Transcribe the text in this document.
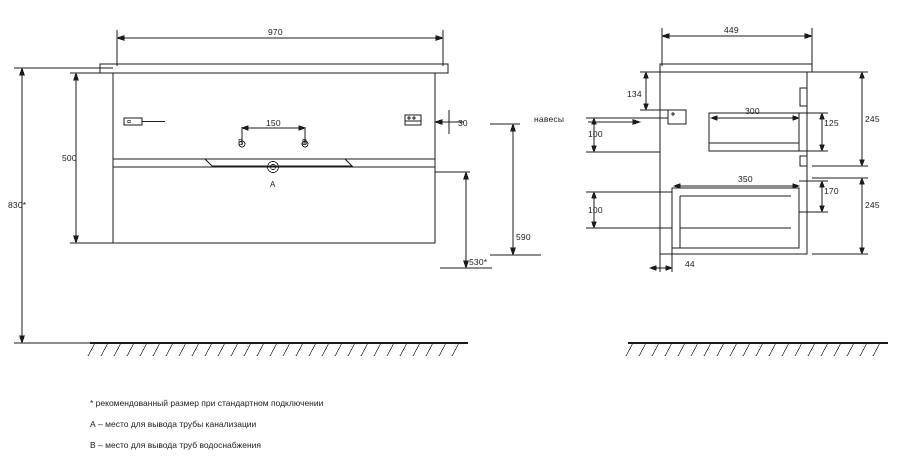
970
500
830*
150	30
530*
590
А
В	В
449
134
300
125	245
100
350
170
245
100
44
навесы
* рекомендованный размер при стандартном подключении
А – место для вывода трубы канализации
В – место для вывода труб водоснабжения
